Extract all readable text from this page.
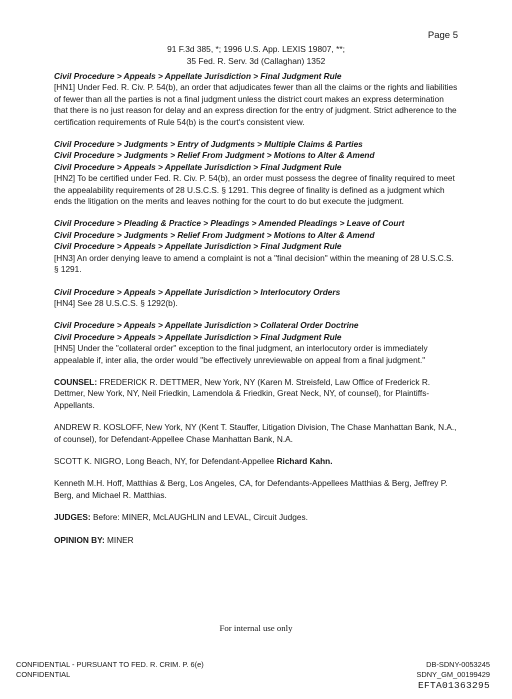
Page 5
91 F.3d 385, *; 1996 U.S. App. LEXIS 19807, **;
35 Fed. R. Serv. 3d (Callaghan) 1352
Civil Procedure > Appeals > Appellate Jurisdiction > Final Judgment Rule
[HN1] Under Fed. R. Civ. P. 54(b), an order that adjudicates fewer than all the claims or the rights and liabilities of fewer than all the parties is not a final judgment unless the district court makes an express determination that there is no just reason for delay and an express direction for the entry of judgment. Strict adherence to the certification requirements of Rule 54(b) is the court's consistent view.
Civil Procedure > Judgments > Entry of Judgments > Multiple Claims & Parties
Civil Procedure > Judgments > Relief From Judgment > Motions to Alter & Amend
Civil Procedure > Appeals > Appellate Jurisdiction > Final Judgment Rule
[HN2] To be certified under Fed. R. Civ. P. 54(b), an order must possess the degree of finality required to meet the appealability requirements of 28 U.S.C.S. § 1291. This degree of finality is defined as a judgment which ends the litigation on the merits and leaves nothing for the court to do but execute the judgment.
Civil Procedure > Pleading & Practice > Pleadings > Amended Pleadings > Leave of Court
Civil Procedure > Judgments > Relief From Judgment > Motions to Alter & Amend
Civil Procedure > Appeals > Appellate Jurisdiction > Final Judgment Rule
[HN3] An order denying leave to amend a complaint is not a "final decision" within the meaning of 28 U.S.C.S. § 1291.
Civil Procedure > Appeals > Appellate Jurisdiction > Interlocutory Orders
[HN4] See 28 U.S.C.S. § 1292(b).
Civil Procedure > Appeals > Appellate Jurisdiction > Collateral Order Doctrine
Civil Procedure > Appeals > Appellate Jurisdiction > Final Judgment Rule
[HN5] Under the "collateral order" exception to the final judgment, an interlocutory order is immediately appealable if, inter alia, the order would "be effectively unreviewable on appeal from a final judgment."
COUNSEL: FREDERICK R. DETTMER, New York, NY (Karen M. Streisfeld, Law Office of Frederick R. Dettmer, New York, NY, Neil Friedkin, Lamendola & Friedkin, Great Neck, NY, of counsel), for Plaintiffs-Appellants.
ANDREW R. KOSLOFF, New York, NY (Kent T. Stauffer, Litigation Division, The Chase Manhattan Bank, N.A., of counsel), for Defendant-Appellee Chase Manhattan Bank, N.A.
SCOTT K. NIGRO, Long Beach, NY, for Defendant-Appellee Richard Kahn.
Kenneth M.H. Hoff, Matthias & Berg, Los Angeles, CA, for Defendants-Appellees Matthias & Berg, Jeffrey P. Berg, and Michael R. Matthias.
JUDGES: Before: MINER, McLAUGHLIN and LEVAL, Circuit Judges.
OPINION BY: MINER
For internal use only
CONFIDENTIAL - PURSUANT TO FED. R. CRIM. P. 6(e)
CONFIDENTIAL
DB-SDNY-0053245
SDNY_GM_00199429
EFTA01363295
